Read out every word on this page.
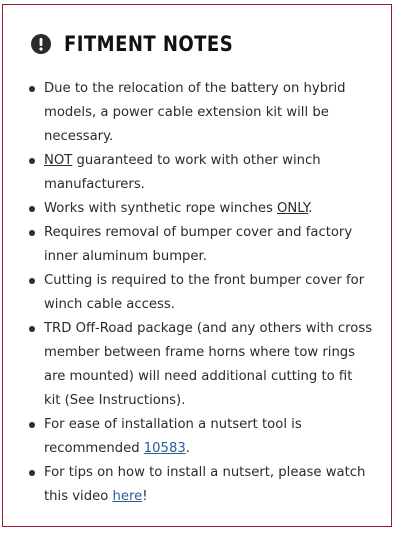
FITMENT NOTES
Due to the relocation of the battery on hybrid models, a power cable extension kit will be necessary.
NOT guaranteed to work with other winch manufacturers.
Works with synthetic rope winches ONLY.
Requires removal of bumper cover and factory inner aluminum bumper.
Cutting is required to the front bumper cover for winch cable access.
TRD Off-Road package (and any others with cross member between frame horns where tow rings are mounted) will need additional cutting to fit kit (See Instructions).
For ease of installation a nutsert tool is recommended 10583.
For tips on how to install a nutsert, please watch this video here!
